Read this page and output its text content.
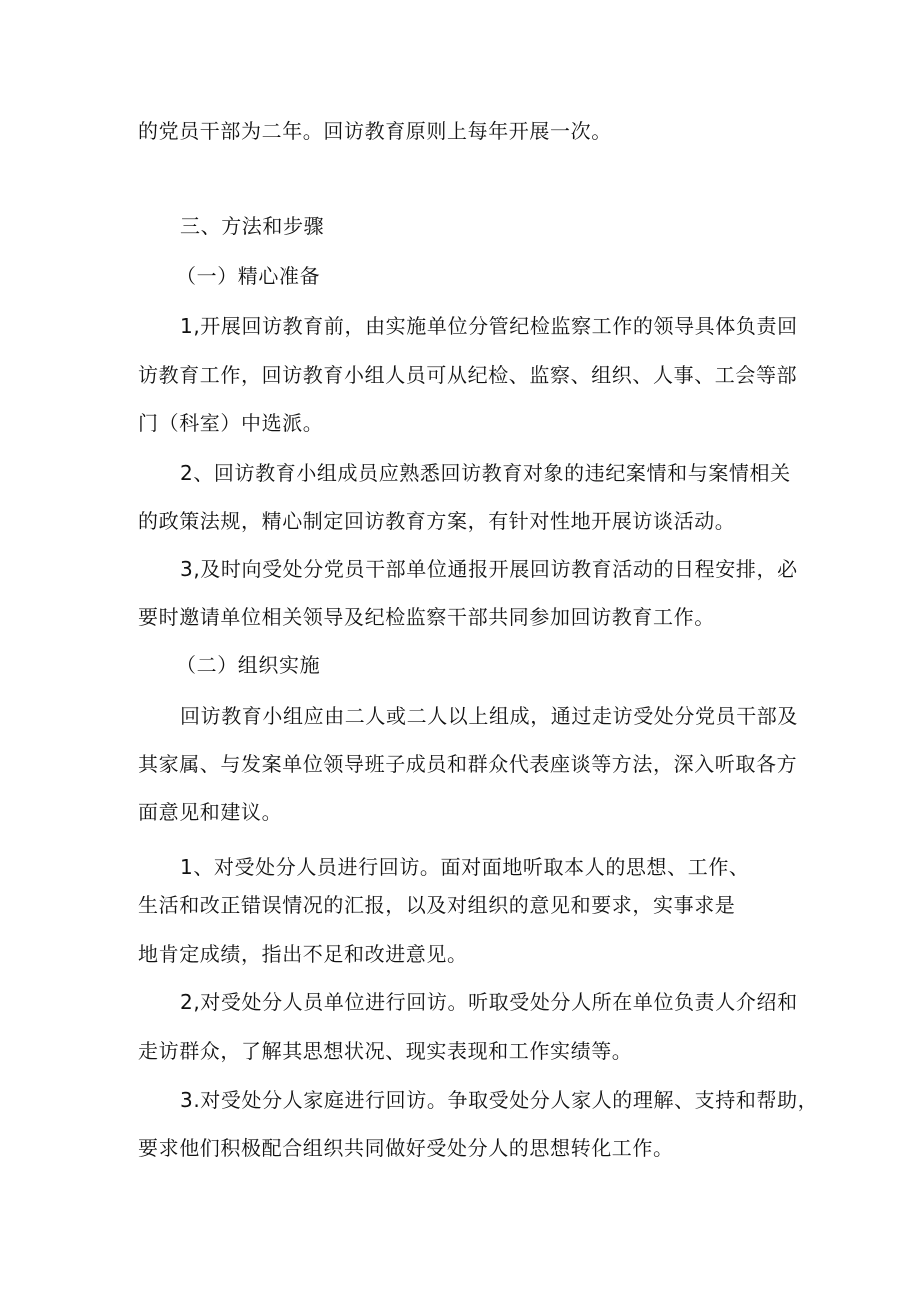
的党员干部为二年。回访教育原则上每年开展一次。
三、方法和步骤
（一）精心准备
1,开展回访教育前，由实施单位分管纪检监察工作的领导具体负责回
访教育工作，回访教育小组人员可从纪检、监察、组织、人事、工会等部
门（科室）中选派。
2、回访教育小组成员应熟悉回访教育对象的违纪案情和与案情相关
的政策法规，精心制定回访教育方案，有针对性地开展访谈活动。
3,及时向受处分党员干部单位通报开展回访教育活动的日程安排，必
要时邀请单位相关领导及纪检监察干部共同参加回访教育工作。
（二）组织实施
回访教育小组应由二人或二人以上组成，通过走访受处分党员干部及
其家属、与发案单位领导班子成员和群众代表座谈等方法，深入听取各方
面意见和建议。
1、对受处分人员进行回访。面对面地听取本人的思想、工作、
生活和改正错误情况的汇报，以及对组织的意见和要求，实事求是
地肯定成绩，指出不足和改进意见。
2,对受处分人员单位进行回访。听取受处分人所在单位负责人介绍和
走访群众，了解其思想状况、现实表现和工作实绩等。
3.对受处分人家庭进行回访。争取受处分人家人的理解、支持和帮助，
要求他们积极配合组织共同做好受处分人的思想转化工作。
